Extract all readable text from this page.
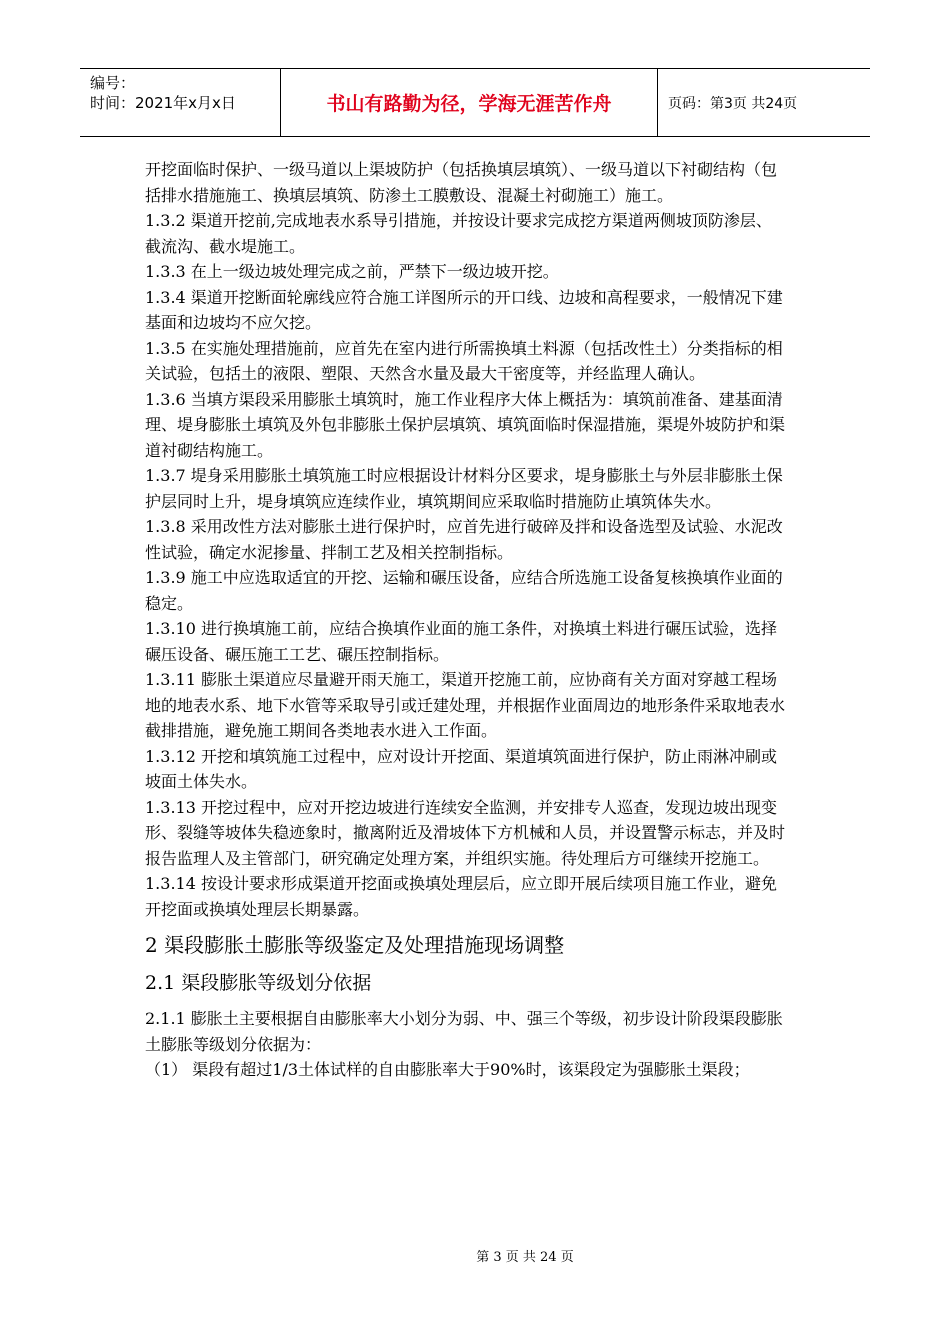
编号：
时间：2021年x月x日	书山有路勤为径，学海无涯苦作舟	页码：第3页 共24页

开挖面临时保护、一级马道以上渠坡防护（包括换填层填筑）、一级马道以下衬砌结构（包括排水措施施工、换填层填筑、防渗土工膜敷设、混凝土衬砌施工）施工。

1.3.2 渠道开挖前,完成地表水系导引措施，并按设计要求完成挖方渠道两侧坡顶防渗层、截流沟、截水堤施工。

1.3.3 在上一级边坡处理完成之前，严禁下一级边坡开挖。

1.3.4 渠道开挖断面轮廓线应符合施工详图所示的开口线、边坡和高程要求，一般情况下建基面和边坡均不应欠挖。

1.3.5 在实施处理措施前，应首先在室内进行所需换填土料源（包括改性土）分类指标的相关试验，包括土的液限、塑限、天然含水量及最大干密度等，并经监理人确认。

1.3.6 当填方渠段采用膨胀土填筑时，施工作业程序大体上概括为：填筑前准备、建基面清理、堤身膨胀土填筑及外包非膨胀土保护层填筑、填筑面临时保湿措施，渠堤外坡防护和渠道衬砌结构施工。

1.3.7 堤身采用膨胀土填筑施工时应根据设计材料分区要求，堤身膨胀土与外层非膨胀土保护层同时上升，堤身填筑应连续作业，填筑期间应采取临时措施防止填筑体失水。

1.3.8 采用改性方法对膨胀土进行保护时，应首先进行破碎及拌和设备选型及试验、水泥改性试验，确定水泥掺量、拌制工艺及相关控制指标。

1.3.9 施工中应选取适宜的开挖、运输和碾压设备，应结合所选施工设备复核换填作业面的稳定。

1.3.10 进行换填施工前，应结合换填作业面的施工条件，对换填土料进行碾压试验，选择碾压设备、碾压施工工艺、碾压控制指标。

1.3.11 膨胀土渠道应尽量避开雨天施工，渠道开挖施工前，应协商有关方面对穿越工程场地的地表水系、地下水管等采取导引或迁建处理，并根据作业面周边的地形条件采取地表水截排措施，避免施工期间各类地表水进入工作面。

1.3.12 开挖和填筑施工过程中，应对设计开挖面、渠道填筑面进行保护，防止雨淋冲刷或坡面土体失水。

1.3.13 开挖过程中，应对开挖边坡进行连续安全监测，并安排专人巡查，发现边坡出现变形、裂缝等坡体失稳迹象时，撤离附近及滑坡体下方机械和人员，并设置警示标志，并及时报告监理人及主管部门，研究确定处理方案，并组织实施。待处理后方可继续开挖施工。

1.3.14 按设计要求形成渠道开挖面或换填处理层后，应立即开展后续项目施工作业，避免开挖面或换填处理层长期暴露。

2 渠段膨胀土膨胀等级鉴定及处理措施现场调整

2.1 渠段膨胀等级划分依据

2.1.1 膨胀土主要根据自由膨胀率大小划分为弱、中、强三个等级，初步设计阶段渠段膨胀土膨胀等级划分依据为：

（1） 渠段有超过1/3土体试样的自由膨胀率大于90%时，该渠段定为强膨胀土渠段；

第 3 页 共 24 页
